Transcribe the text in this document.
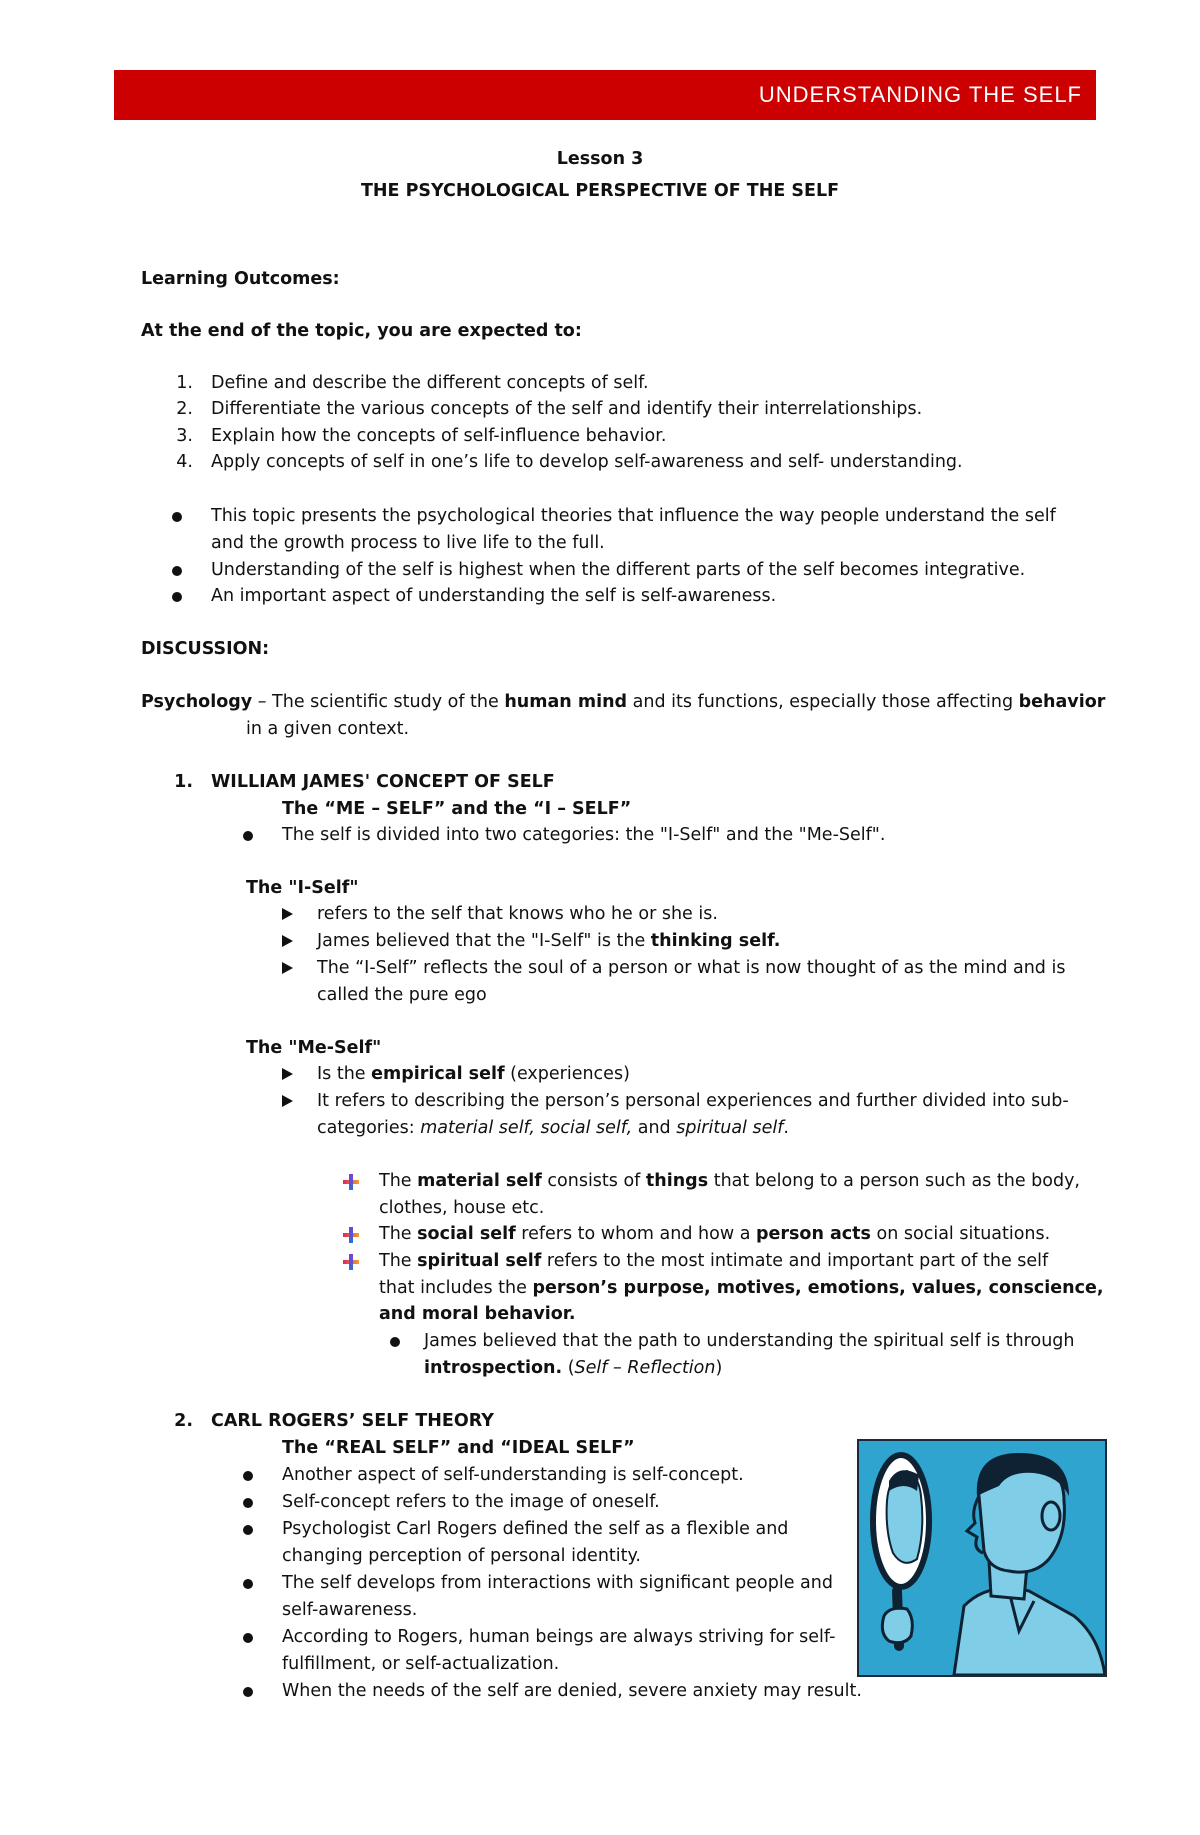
UNDERSTANDING THE SELF
Lesson 3
THE PSYCHOLOGICAL PERSPECTIVE OF THE SELF
Learning Outcomes:
At the end of the topic, you are expected to:
1. Define and describe the different concepts of self.
2. Differentiate the various concepts of the self and identify their interrelationships.
3. Explain how the concepts of self-influence behavior.
4. Apply concepts of self in one’s life to develop self-awareness and self- understanding.
This topic presents the psychological theories that influence the way people understand the self
and the growth process to live life to the full.
Understanding of the self is highest when the different parts of the self becomes integrative.
An important aspect of understanding the self is self-awareness.
DISCUSSION:
Psychology – The scientific study of the human mind and its functions, especially those affecting behavior
in a given context.
1. WILLIAM JAMES' CONCEPT OF SELF
The “ME – SELF” and the “I – SELF”
The self is divided into two categories: the "I-Self" and the "Me-Self".
The "I-Self"
refers to the self that knows who he or she is.
James believed that the "I-Self" is the thinking self.
The “I-Self” reflects the soul of a person or what is now thought of as the mind and is
called the pure ego
The "Me-Self"
Is the empirical self (experiences)
It refers to describing the person’s personal experiences and further divided into sub-
categories: material self, social self, and spiritual self.
The material self consists of things that belong to a person such as the body,
clothes, house etc.
The social self refers to whom and how a person acts on social situations.
The spiritual self refers to the most intimate and important part of the self
that includes the person’s purpose, motives, emotions, values, conscience,
and moral behavior.
James believed that the path to understanding the spiritual self is through
introspection. (Self – Reflection)
2. CARL ROGERS’ SELF THEORY
The “REAL SELF” and “IDEAL SELF”
Another aspect of self-understanding is self-concept.
Self-concept refers to the image of oneself.
Psychologist Carl Rogers defined the self as a flexible and
changing perception of personal identity.
The self develops from interactions with significant people and
self-awareness.
According to Rogers, human beings are always striving for self-
fulfillment, or self-actualization.
When the needs of the self are denied, severe anxiety may result.
